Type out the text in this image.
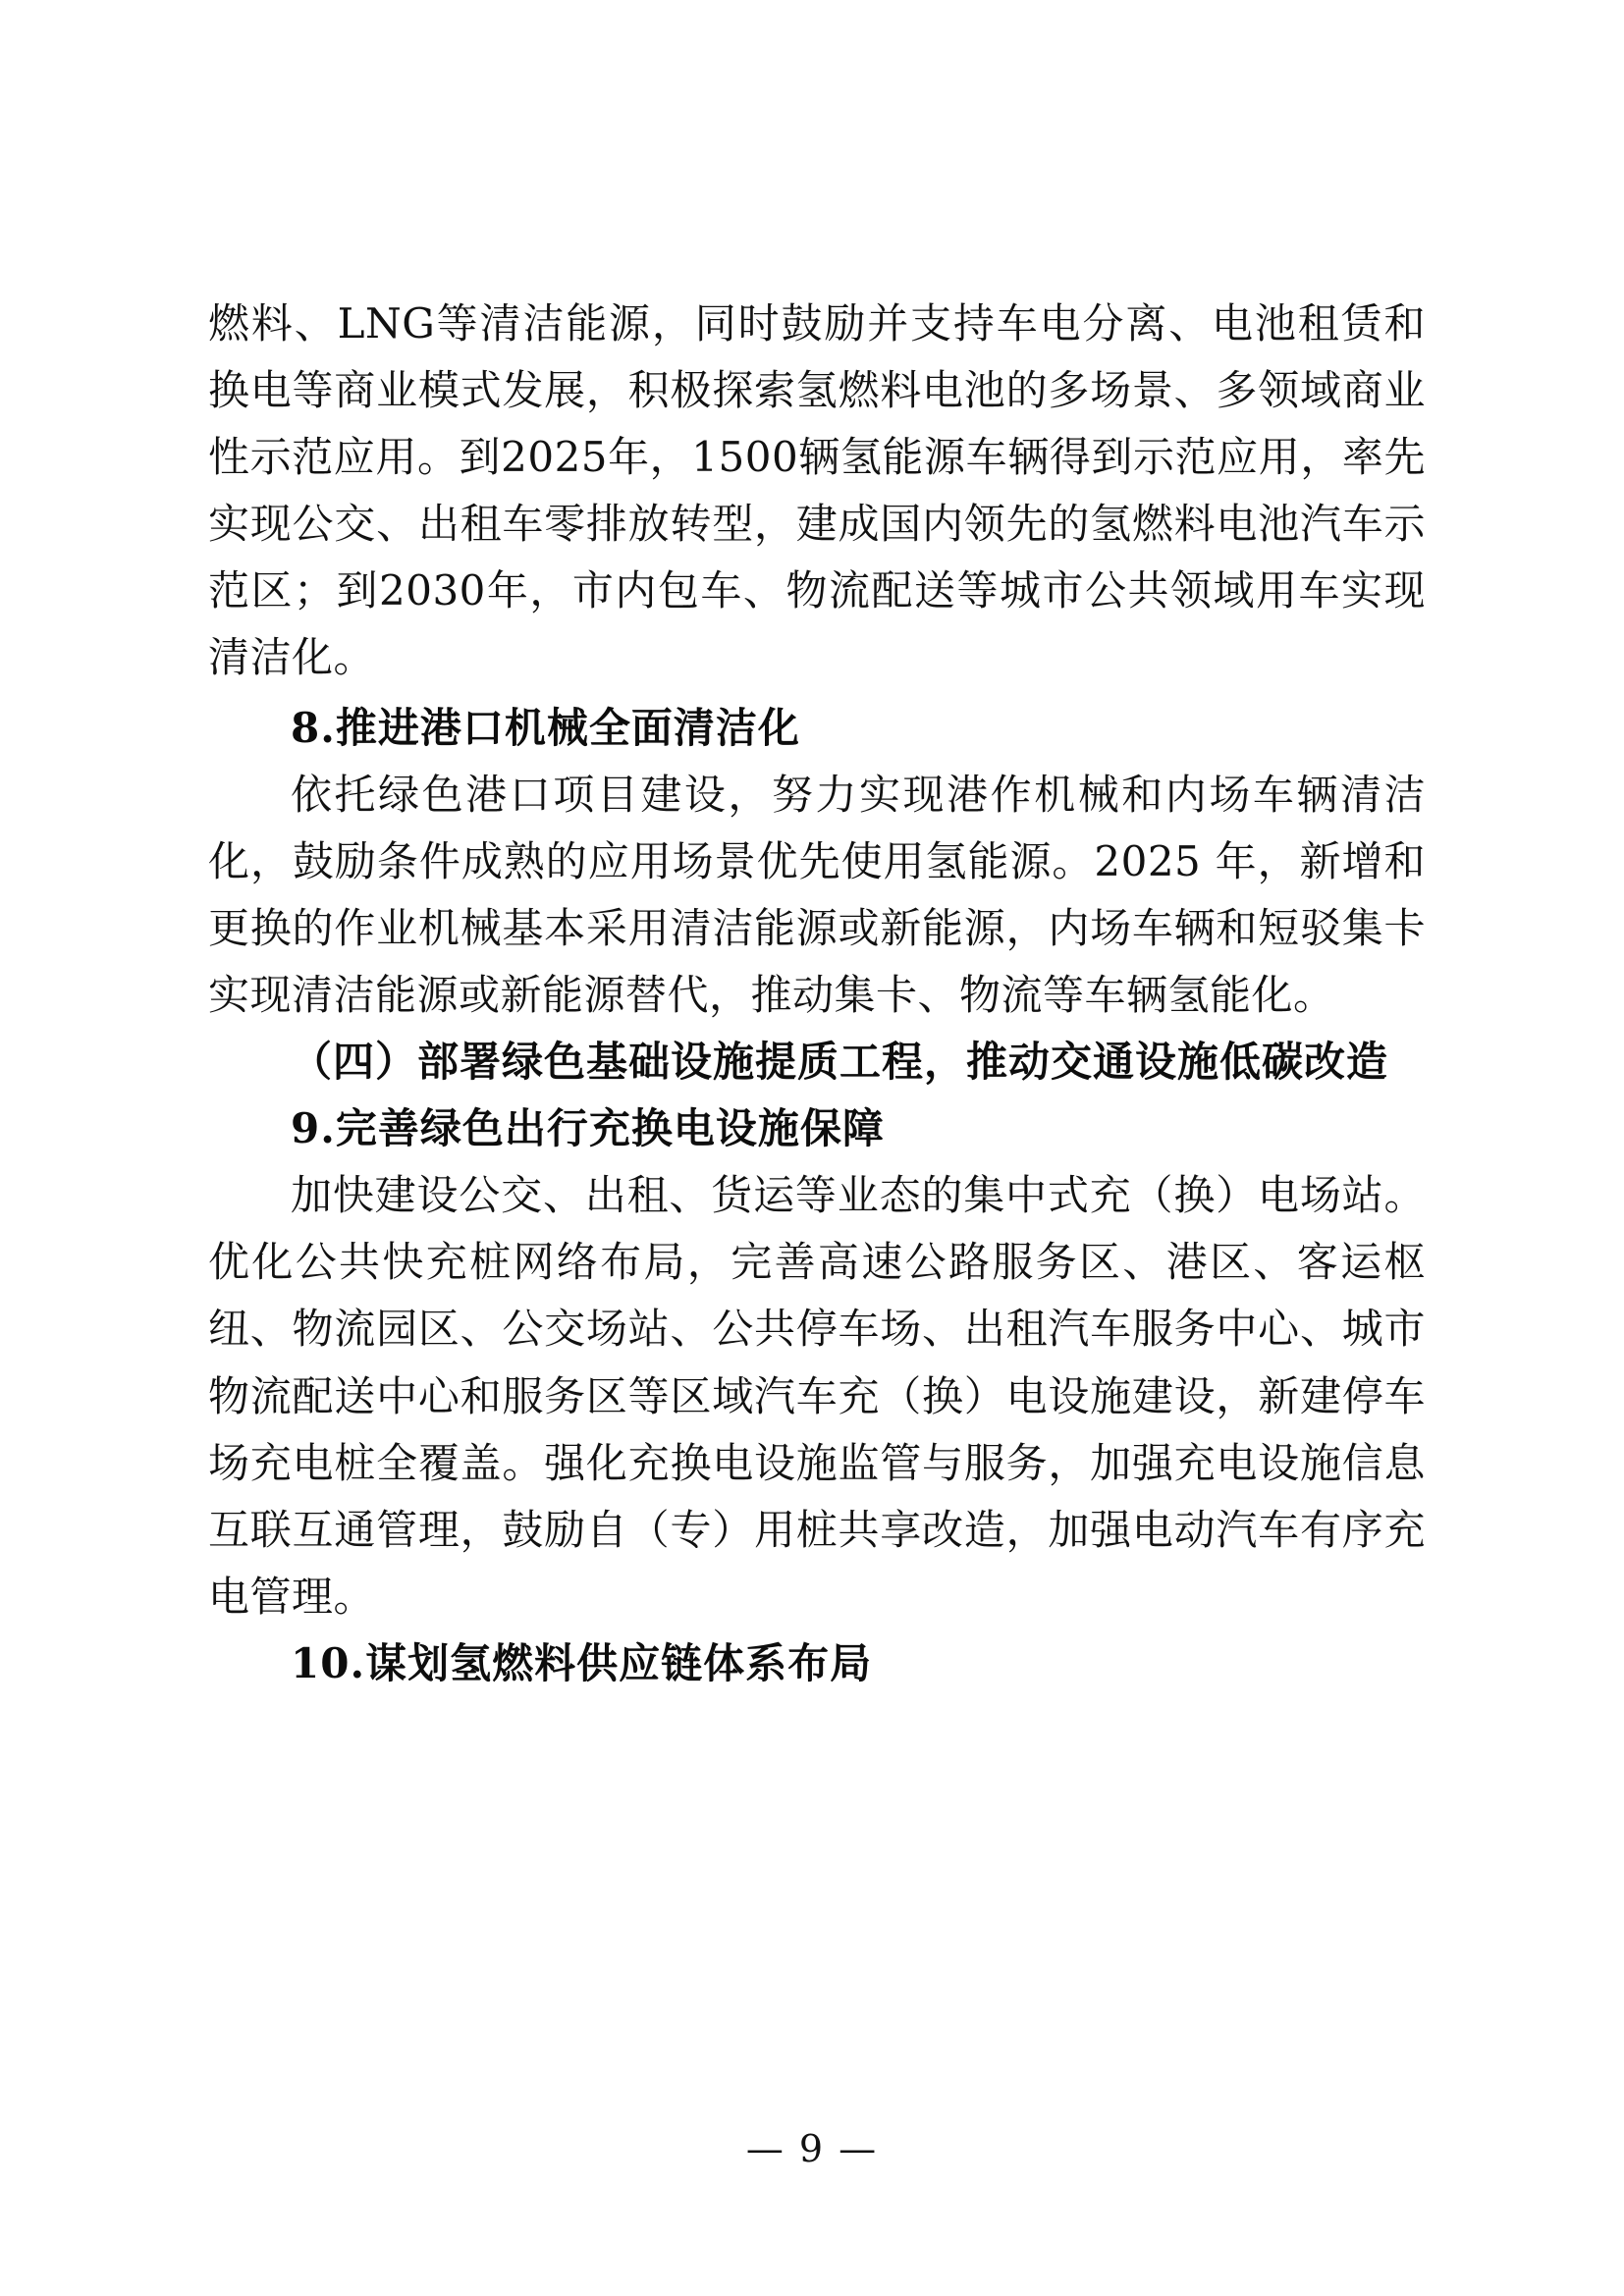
燃料、LNG等清洁能源，同时鼓励并支持车电分离、电池租赁和换电等商业模式发展，积极探索氢燃料电池的多场景、多领域商业性示范应用。到2025年，1500辆氢能源车辆得到示范应用，率先实现公交、出租车零排放转型，建成国内领先的氢燃料电池汽车示范区；到2030年，市内包车、物流配送等城市公共领域用车实现清洁化。

8.推进港口机械全面清洁化

依托绿色港口项目建设，努力实现港作机械和内场车辆清洁化，鼓励条件成熟的应用场景优先使用氢能源。2025 年，新增和更换的作业机械基本采用清洁能源或新能源，内场车辆和短驳集卡实现清洁能源或新能源替代，推动集卡、物流等车辆氢能化。

（四）部署绿色基础设施提质工程，推动交通设施低碳改造

9.完善绿色出行充换电设施保障

加快建设公交、出租、货运等业态的集中式充（换）电场站。优化公共快充桩网络布局，完善高速公路服务区、港区、客运枢纽、物流园区、公交场站、公共停车场、出租汽车服务中心、城市物流配送中心和服务区等区域汽车充（换）电设施建设，新建停车场充电桩全覆盖。强化充换电设施监管与服务，加强充电设施信息互联互通管理，鼓励自（专）用桩共享改造，加强电动汽车有序充电管理。

10.谋划氢燃料供应链体系布局

— 9 —
